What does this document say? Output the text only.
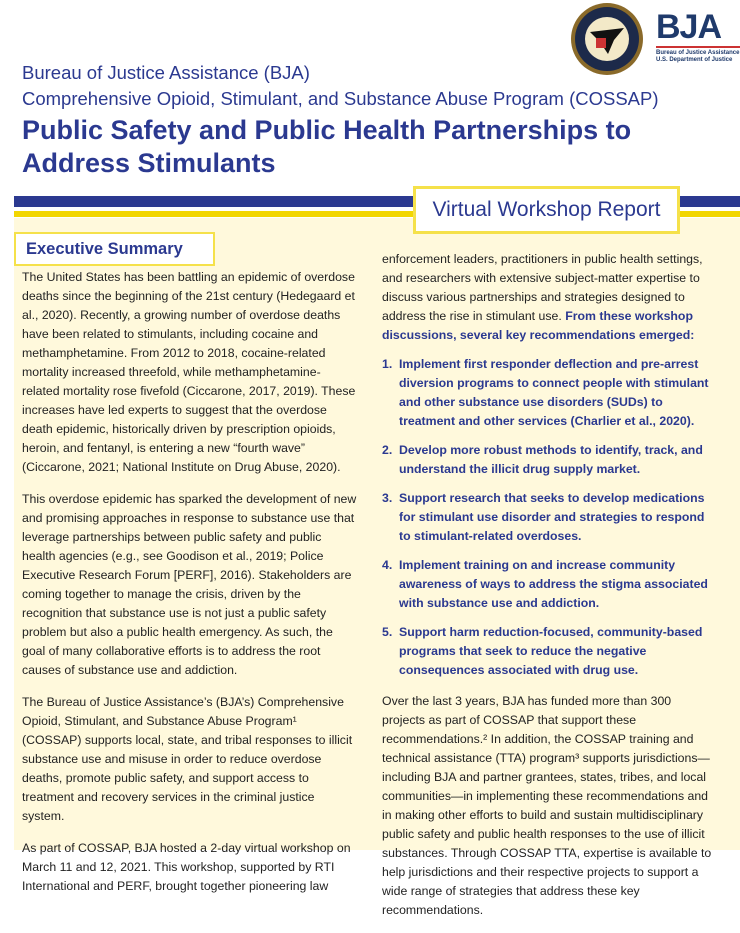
BJA
Bureau of Justice Assistance
U.S. Department of Justice
Bureau of Justice Assistance (BJA)
Comprehensive Opioid, Stimulant, and Substance Abuse Program (COSSAP)
Public Safety and Public Health Partnerships to Address Stimulants
Virtual Workshop Report
Executive Summary

The United States has been battling an epidemic of overdose deaths since the beginning of the 21st century (Hedegaard et al., 2020). Recently, a growing number of overdose deaths have been related to stimulants, including cocaine and methamphetamine. From 2012 to 2018, cocaine-related mortality increased threefold, while methamphetamine-related mortality rose fivefold (Ciccarone, 2017, 2019). These increases have led experts to suggest that the overdose death epidemic, historically driven by prescription opioids, heroin, and fentanyl, is entering a new “fourth wave” (Ciccarone, 2021; National Institute on Drug Abuse, 2020).

This overdose epidemic has sparked the development of new and promising approaches in response to substance use that leverage partnerships between public safety and public health agencies (e.g., see Goodison et al., 2019; Police Executive Research Forum [PERF], 2016). Stakeholders are coming together to manage the crisis, driven by the recognition that substance use is not just a public safety problem but also a public health emergency. As such, the goal of many collaborative efforts is to address the root causes of substance use and addiction.

The Bureau of Justice Assistance’s (BJA’s) Comprehensive Opioid, Stimulant, and Substance Abuse Program¹ (COSSAP) supports local, state, and tribal responses to illicit substance use and misuse in order to reduce overdose deaths, promote public safety, and support access to treatment and recovery services in the criminal justice system.

As part of COSSAP, BJA hosted a 2-day virtual workshop on March 11 and 12, 2021. This workshop, supported by RTI International and PERF, brought together pioneering law

enforcement leaders, practitioners in public health settings, and researchers with extensive subject-matter expertise to discuss various partnerships and strategies designed to address the rise in stimulant use. From these workshop discussions, several key recommendations emerged:
1. Implement first responder deflection and pre-arrest diversion programs to connect people with stimulant and other substance use disorders (SUDs) to treatment and other services (Charlier et al., 2020).
2. Develop more robust methods to identify, track, and understand the illicit drug supply market.
3. Support research that seeks to develop medications for stimulant use disorder and strategies to respond to stimulant-related overdoses.
4. Implement training on and increase community awareness of ways to address the stigma associated with substance use and addiction.
5. Support harm reduction-focused, community-based programs that seek to reduce the negative consequences associated with drug use.

Over the last 3 years, BJA has funded more than 300 projects as part of COSSAP that support these recommendations.² In addition, the COSSAP training and technical assistance (TTA) program³ supports jurisdictions—including BJA and partner grantees, states, tribes, and local communities—in implementing these recommendations and in making other efforts to build and sustain multidisciplinary public safety and public health responses to the use of illicit substances. Through COSSAP TTA, expertise is available to help jurisdictions and their respective projects to support a wide range of strategies that address these key recommendations.
